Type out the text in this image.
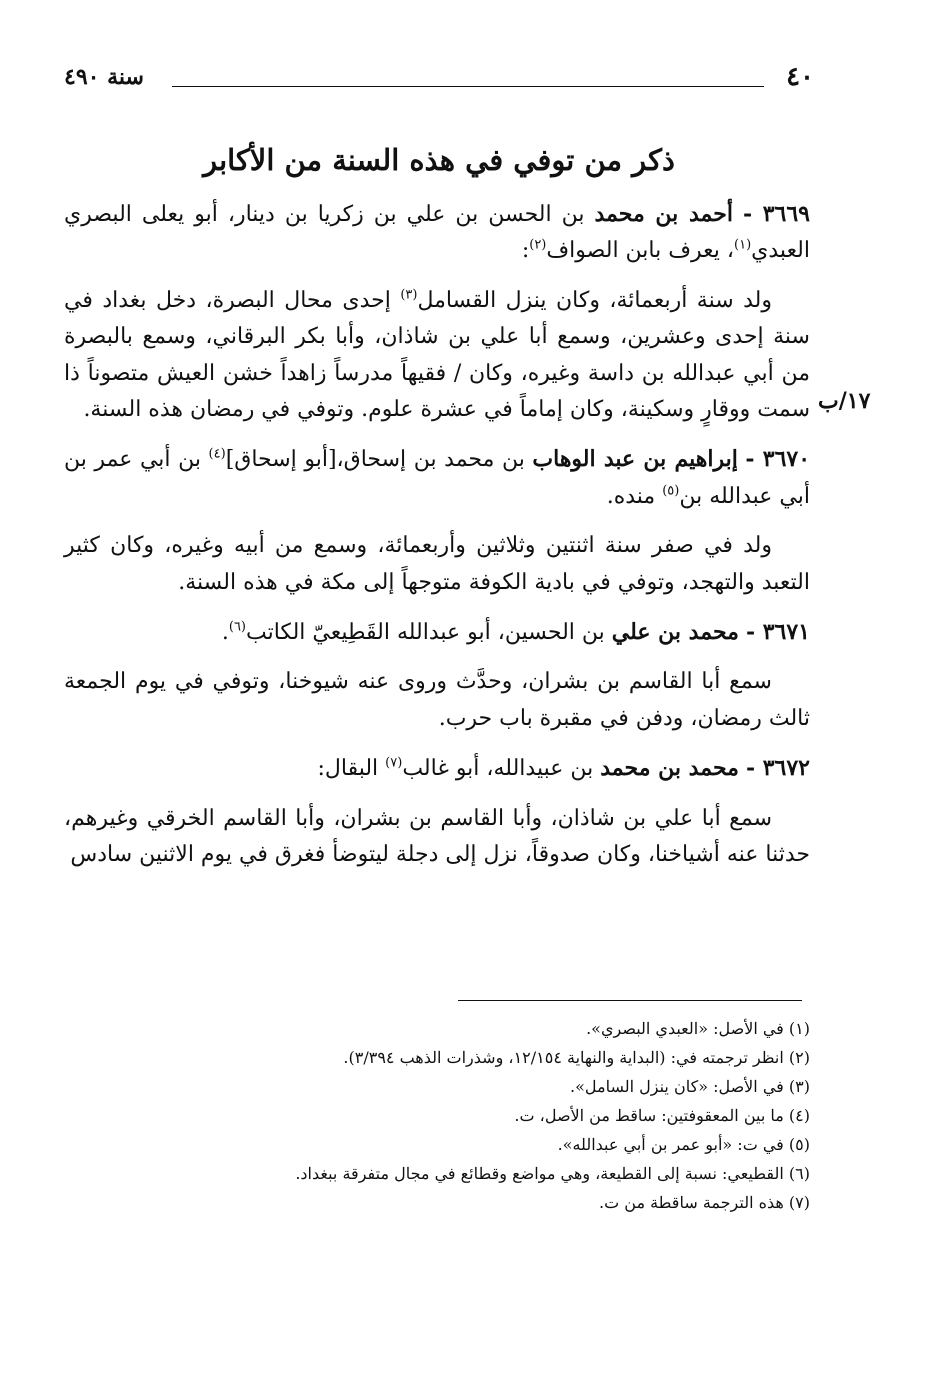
٤٠
سنة ٤٩٠
ذكر من توفي في هذه السنة من الأكابر
١٧/ب

٣٦٦٩ - أحمد بن محمد بن الحسن بن علي بن زكريا بن دينار، أبو يعلى البصري العبدي$^{(١)}$، يعرف بابن الصواف$^{(٢)}$:

ولد سنة أربعمائة، وكان ينزل القسامل$^{(٣)}$ إحدى محال البصرة، دخل بغداد في سنة إحدى وعشرين، وسمع أبا علي بن شاذان، وأبا بكر البرقاني، وسمع بالبصرة من أبي عبدالله بن داسة وغيره، وكان / فقيهاً مدرساً زاهداً خشن العيش متصوناً ذا سمت ووقارٍ وسكينة، وكان إماماً في عشرة علوم. وتوفي في رمضان هذه السنة.

٣٦٧٠ - إبراهيم بن عبد الوهاب بن محمد بن إسحاق،[أبو إسحاق]$^{(٤)}$ بن أبي عمر بن أبي عبدالله بن$^{(٥)}$ منده.

ولد في صفر سنة اثنتين وثلاثين وأربعمائة، وسمع من أبيه وغيره، وكان كثير التعبد والتهجد، وتوفي في بادية الكوفة متوجهاً إلى مكة في هذه السنة.

٣٦٧١ - محمد بن علي بن الحسين، أبو عبدالله القَطِيعيّ الكاتب$^{(٦)}$.

سمع أبا القاسم بن بشران، وحدَّث وروى عنه شيوخنا، وتوفي في يوم الجمعة ثالث رمضان، ودفن في مقبرة باب حرب.

٣٦٧٢ - محمد بن محمد بن عبيدالله، أبو غالب$^{(٧)}$ البقال:

سمع أبا علي بن شاذان، وأبا القاسم بن بشران، وأبا القاسم الخرقي وغيرهم، حدثنا عنه أشياخنا، وكان صدوقاً، نزل إلى دجلة ليتوضأ فغرق في يوم الاثنين سادس

(١) في الأصل: «العبدي البصري».

(٢) انظر ترجمته في: (البداية والنهاية ١٢/١٥٤، وشذرات الذهب ٣/٣٩٤).

(٣) في الأصل: «كان ينزل السامل».

(٤) ما بين المعقوفتين: ساقط من الأصل، ت.

(٥) في ت: «أبو عمر بن أبي عبدالله».

(٦) القطيعي: نسبة إلى القطيعة، وهي مواضع وقطائع في مجال متفرقة ببغداد.

(٧) هذه الترجمة ساقطة من ت.
